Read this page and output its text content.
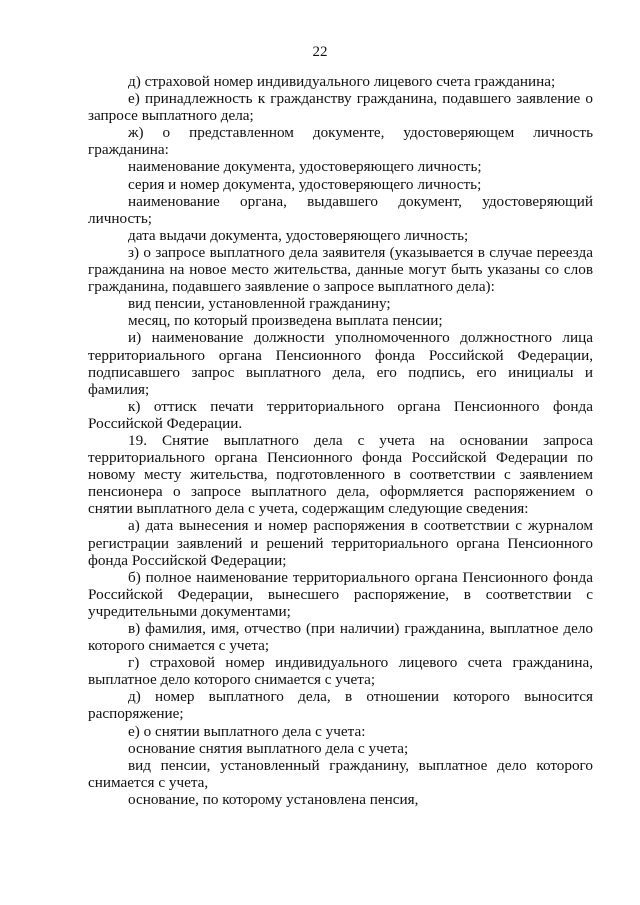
22

д) страховой номер индивидуального лицевого счета гражданина;

е) принадлежность к гражданству гражданина, подавшего заявление о запросе выплатного дела;

ж) о представленном документе, удостоверяющем личность гражданина:

наименование документа, удостоверяющего личность;

серия и номер документа, удостоверяющего личность;

наименование органа, выдавшего документ, удостоверяющий личность;

дата выдачи документа, удостоверяющего личность;

з) о запросе выплатного дела заявителя (указывается в случае переезда гражданина на новое место жительства, данные могут быть указаны со слов гражданина, подавшего заявление о запросе выплатного дела):

вид пенсии, установленной гражданину;

месяц, по который произведена выплата пенсии;

и) наименование должности уполномоченного должностного лица территориального органа Пенсионного фонда Российской Федерации, подписавшего запрос выплатного дела, его подпись, его инициалы и фамилия;

к) оттиск печати территориального органа Пенсионного фонда Российской Федерации.

19. Снятие выплатного дела с учета на основании запроса территориального органа Пенсионного фонда Российской Федерации по новому месту жительства, подготовленного в соответствии с заявлением пенсионера о запросе выплатного дела, оформляется распоряжением о снятии выплатного дела с учета, содержащим следующие сведения:

а) дата вынесения и номер распоряжения в соответствии с журналом регистрации заявлений и решений территориального органа Пенсионного фонда Российской Федерации;

б) полное наименование территориального органа Пенсионного фонда Российской Федерации, вынесшего распоряжение, в соответствии с учредительными документами;

в) фамилия, имя, отчество (при наличии) гражданина, выплатное дело которого снимается с учета;

г) страховой номер индивидуального лицевого счета гражданина, выплатное дело которого снимается с учета;

д) номер выплатного дела, в отношении которого выносится распоряжение;

е) о снятии выплатного дела с учета:

основание снятия выплатного дела с учета;

вид пенсии, установленный гражданину, выплатное дело которого снимается с учета,

основание, по которому установлена пенсия,
